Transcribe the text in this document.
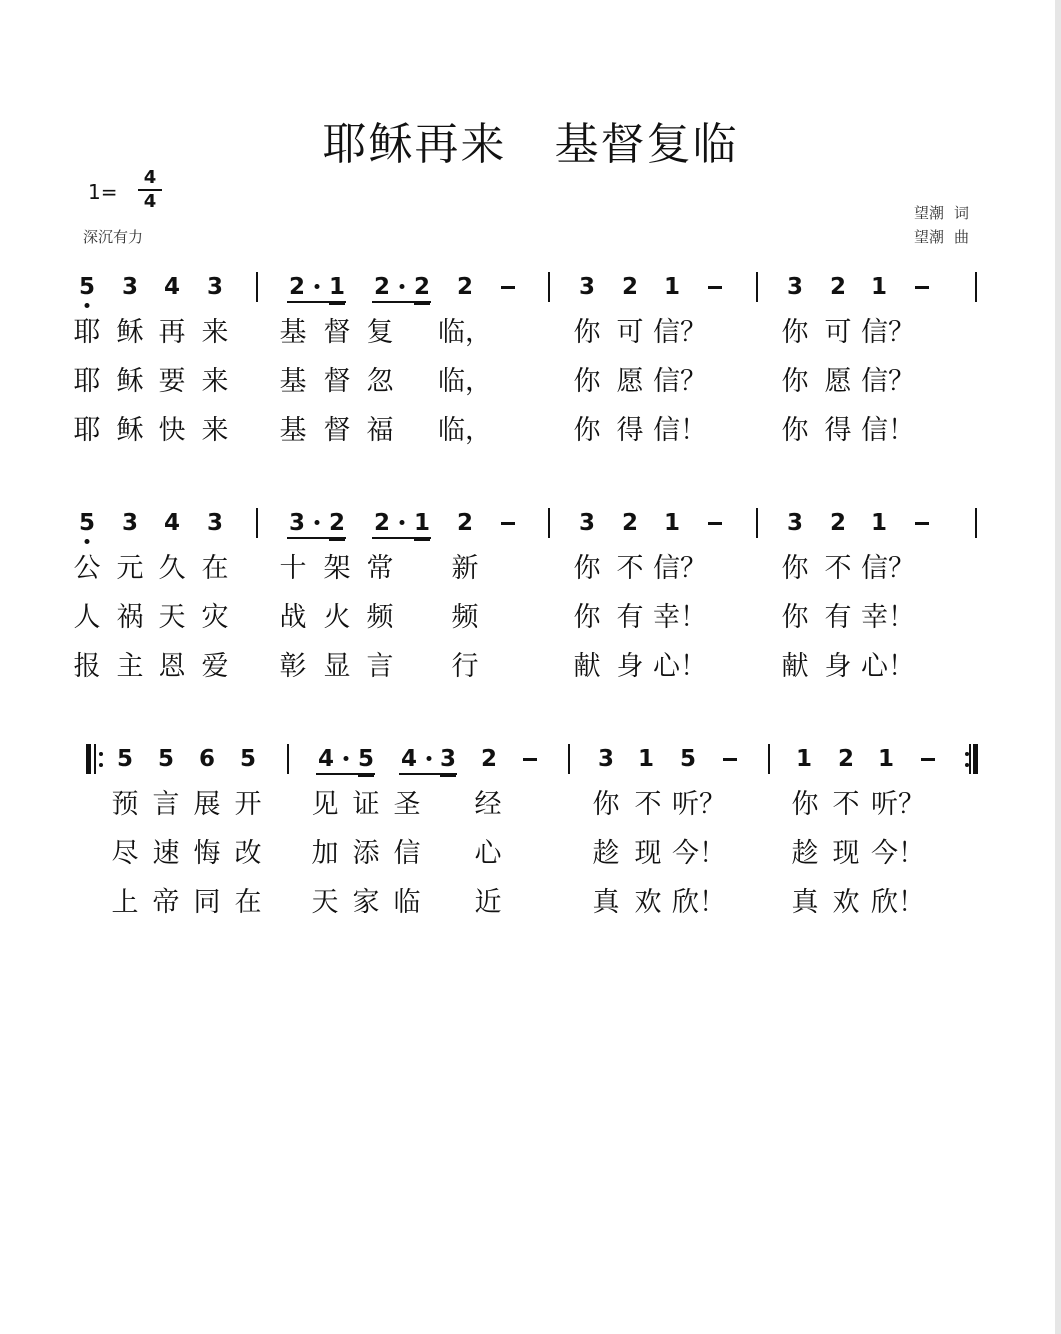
耶稣再来   基督复临
1=
4
4
深沉有力
望潮 词
望潮 曲
5 3 4 3	2 1 2 2 2	3 2 1	3 2 1
耶 稣 再 来 基 督 复 临，	你 可 信？	你 可 信？
耶 稣 要 来 基 督 忽 临，	你 愿 信？	你 愿 信？
耶 稣 快 来 基 督 福 临，	你 得 信！	你 得 信！
5 3 4 3	3 2 2 1 2	3 2 1	3 2 1
公 元 久 在 十 架 常 新	你 不 信？	你 不 信？
人 祸 天 灾 战 火 频 频	你 有 幸！	你 有 幸！
报 主 恩 爱 彰 显 言 行	献 身 心！	献 身 心！
5 5 6 5	4 5 4 3 2	3 1 5	1 2 1
预 言 展 开 见 证 圣 经	你 不 听？ 你 不 听？
尽 速 悔 改 加 添 信 心	趁 现 今！ 趁 现 今！
上 帝 同 在 天 家 临 近	真 欢 欣！ 真 欢 欣！
